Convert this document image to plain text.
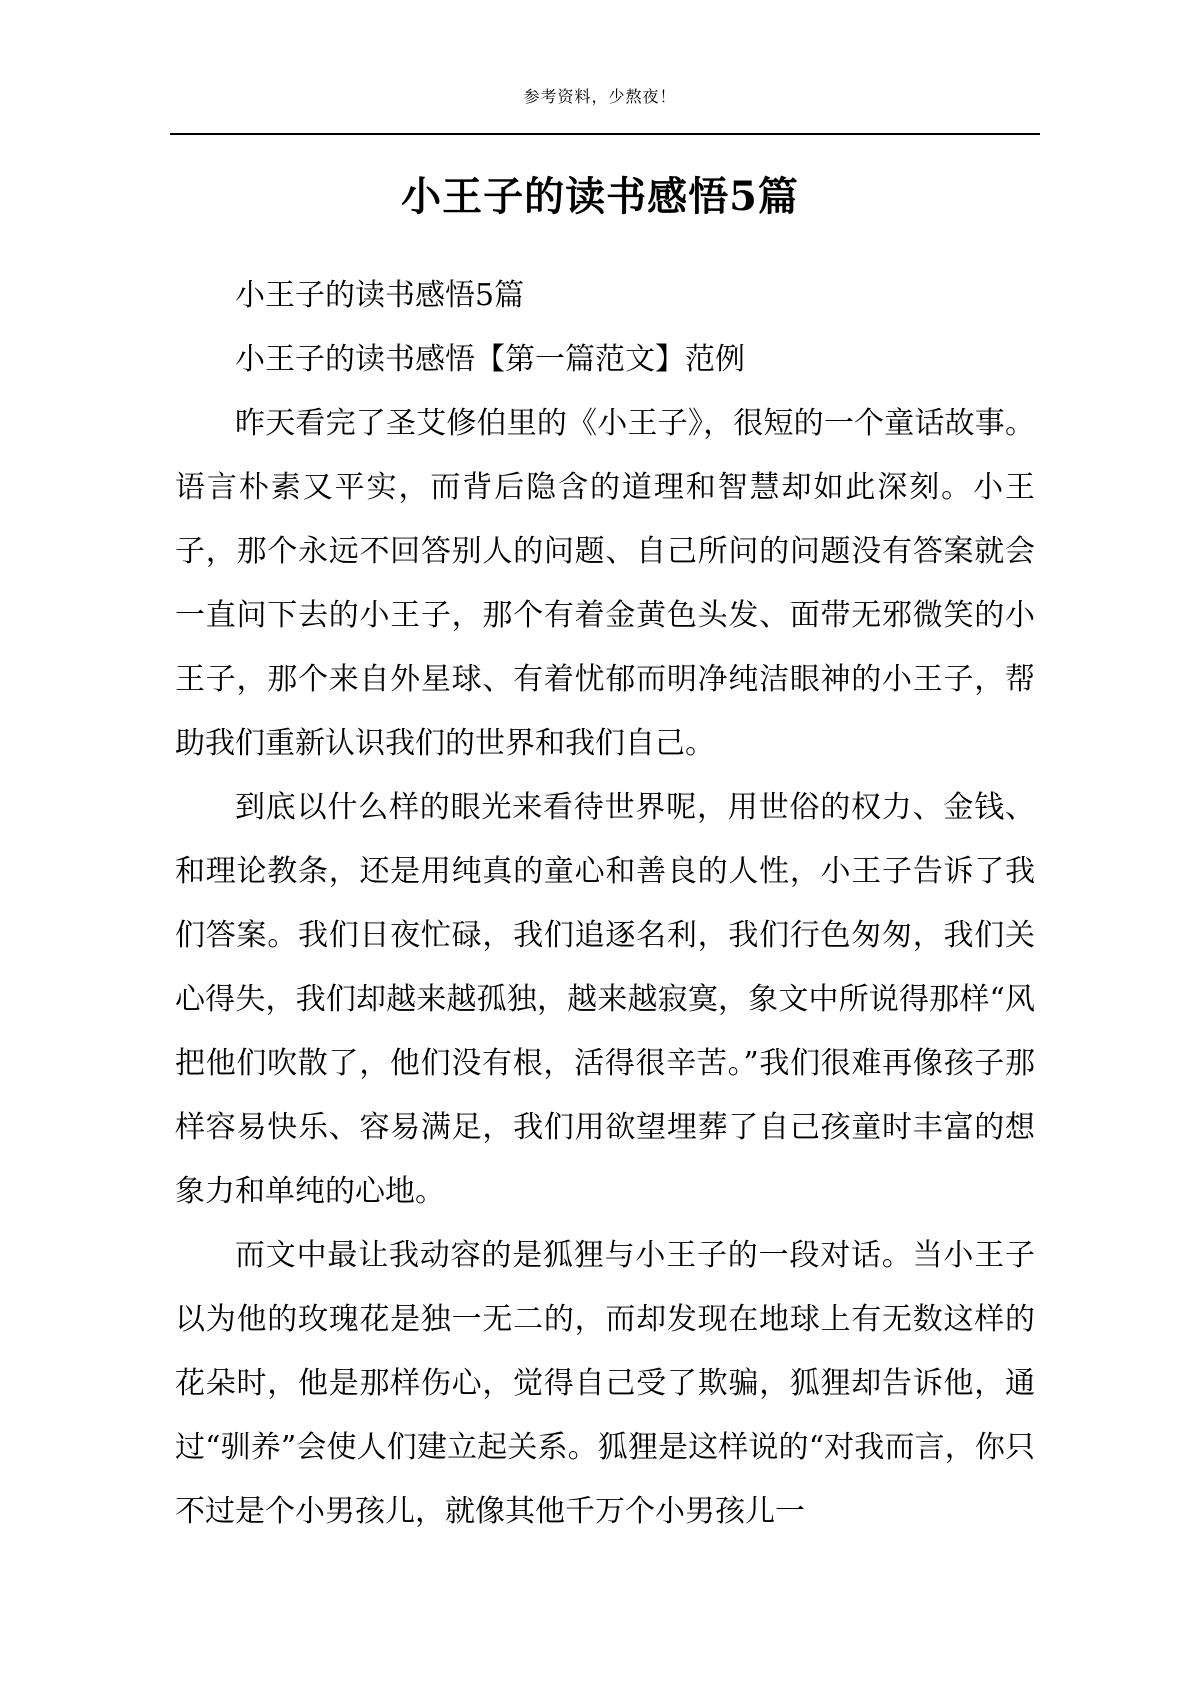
参考资料，少熬夜！
小王子的读书感悟5篇

小王子的读书感悟5篇

小王子的读书感悟【第一篇范文】范例

昨天看完了圣艾修伯里的《小王子》，很短的一个童话故事。语言朴素又平实，而背后隐含的道理和智慧却如此深刻。小王子，那个永远不回答别人的问题、自己所问的问题没有答案就会一直问下去的小王子，那个有着金黄色头发、面带无邪微笑的小王子，那个来自外星球、有着忧郁而明净纯洁眼神的小王子，帮助我们重新认识我们的世界和我们自己。

到底以什么样的眼光来看待世界呢，用世俗的权力、金钱、和理论教条，还是用纯真的童心和善良的人性，小王子告诉了我们答案。我们日夜忙碌，我们追逐名利，我们行色匆匆，我们关心得失，我们却越来越孤独，越来越寂寞，象文中所说得那样“风把他们吹散了，他们没有根，活得很辛苦。”我们很难再像孩子那样容易快乐、容易满足，我们用欲望埋葬了自己孩童时丰富的想象力和单纯的心地。

而文中最让我动容的是狐狸与小王子的一段对话。当小王子以为他的玫瑰花是独一无二的，而却发现在地球上有无数这样的花朵时，他是那样伤心，觉得自己受了欺骗，狐狸却告诉他，通过“驯养”会使人们建立起关系。狐狸是这样说的“对我而言，你只不过是个小男孩儿，就像其他千万个小男孩儿一
